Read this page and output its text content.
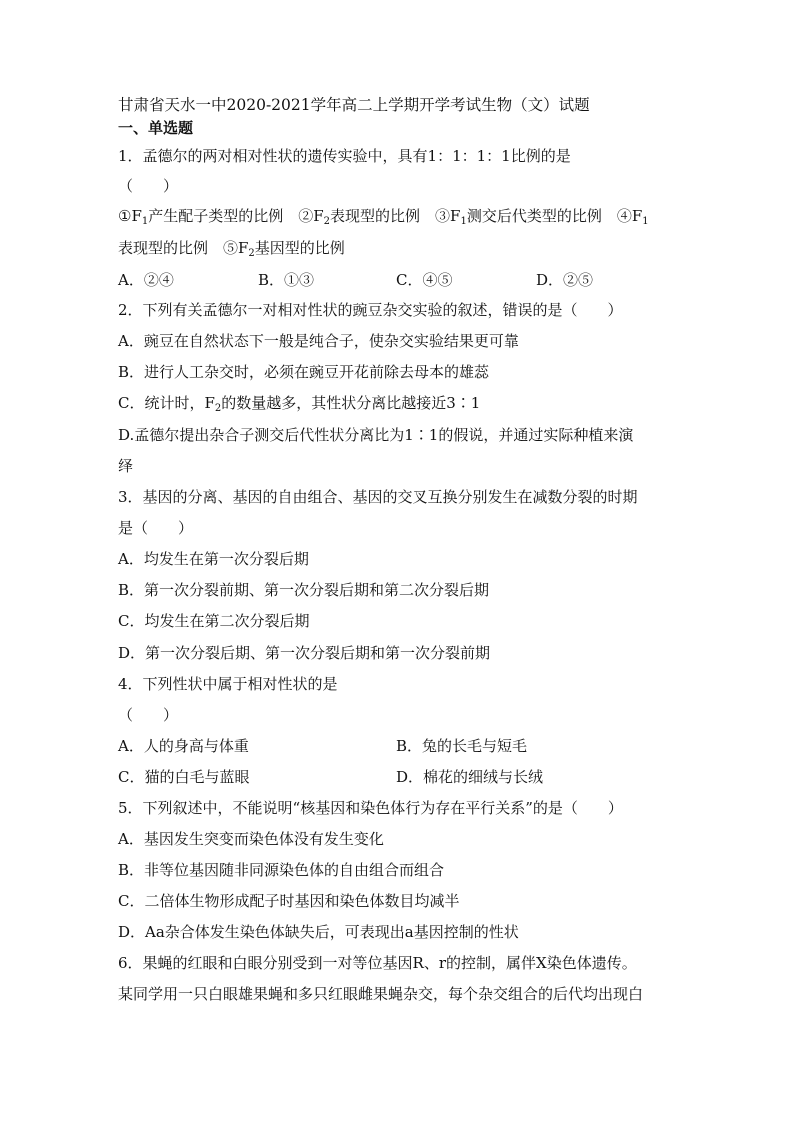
甘肃省天水一中2020-2021学年高二上学期开学考试生物（文）试题
一、单选题
1．孟德尔的两对相对性状的遗传实验中，具有1：1：1：1比例的是
（　　）
$①F_1$产生配子类型的比例　$②F_2$表现型的比例　$③F_1$测交后代类型的比例　$④F_1$
表现型的比例　$⑤F_2$基因型的比例
A．②④	B．①③	C．④⑤	D．②⑤
2．下列有关孟德尔一对相对性状的豌豆杂交实验的叙述，错误的是（　　）
A．豌豆在自然状态下一般是纯合子，使杂交实验结果更可靠
B．进行人工杂交时，必须在豌豆开花前除去母本的雄蕊
C．统计时，$F_2$的数量越多，其性状分离比越接近3∶1
D.孟德尔提出杂合子测交后代性状分离比为1∶1的假说，并通过实际种植来演
绎
3．基因的分离、基因的自由组合、基因的交叉互换分别发生在减数分裂的时期
是（　　）
A．均发生在第一次分裂后期
B．第一次分裂前期、第一次分裂后期和第二次分裂后期
C．均发生在第二次分裂后期
D．第一次分裂后期、第一次分裂后期和第一次分裂前期
4．下列性状中属于相对性状的是
（　　）
A．人的身高与体重	B．兔的长毛与短毛
C．猫的白毛与蓝眼	D．棉花的细绒与长绒
5．下列叙述中，不能说明“核基因和染色体行为存在平行关系”的是（　　）
A．基因发生突变而染色体没有发生变化
B．非等位基因随非同源染色体的自由组合而组合
C．二倍体生物形成配子时基因和染色体数目均减半
D．Aa杂合体发生染色体缺失后，可表现出a基因控制的性状
6．果蝇的红眼和白眼分别受到一对等位基因R、r的控制，属伴X染色体遗传。
某同学用一只白眼雄果蝇和多只红眼雌果蝇杂交，每个杂交组合的后代均出现白
